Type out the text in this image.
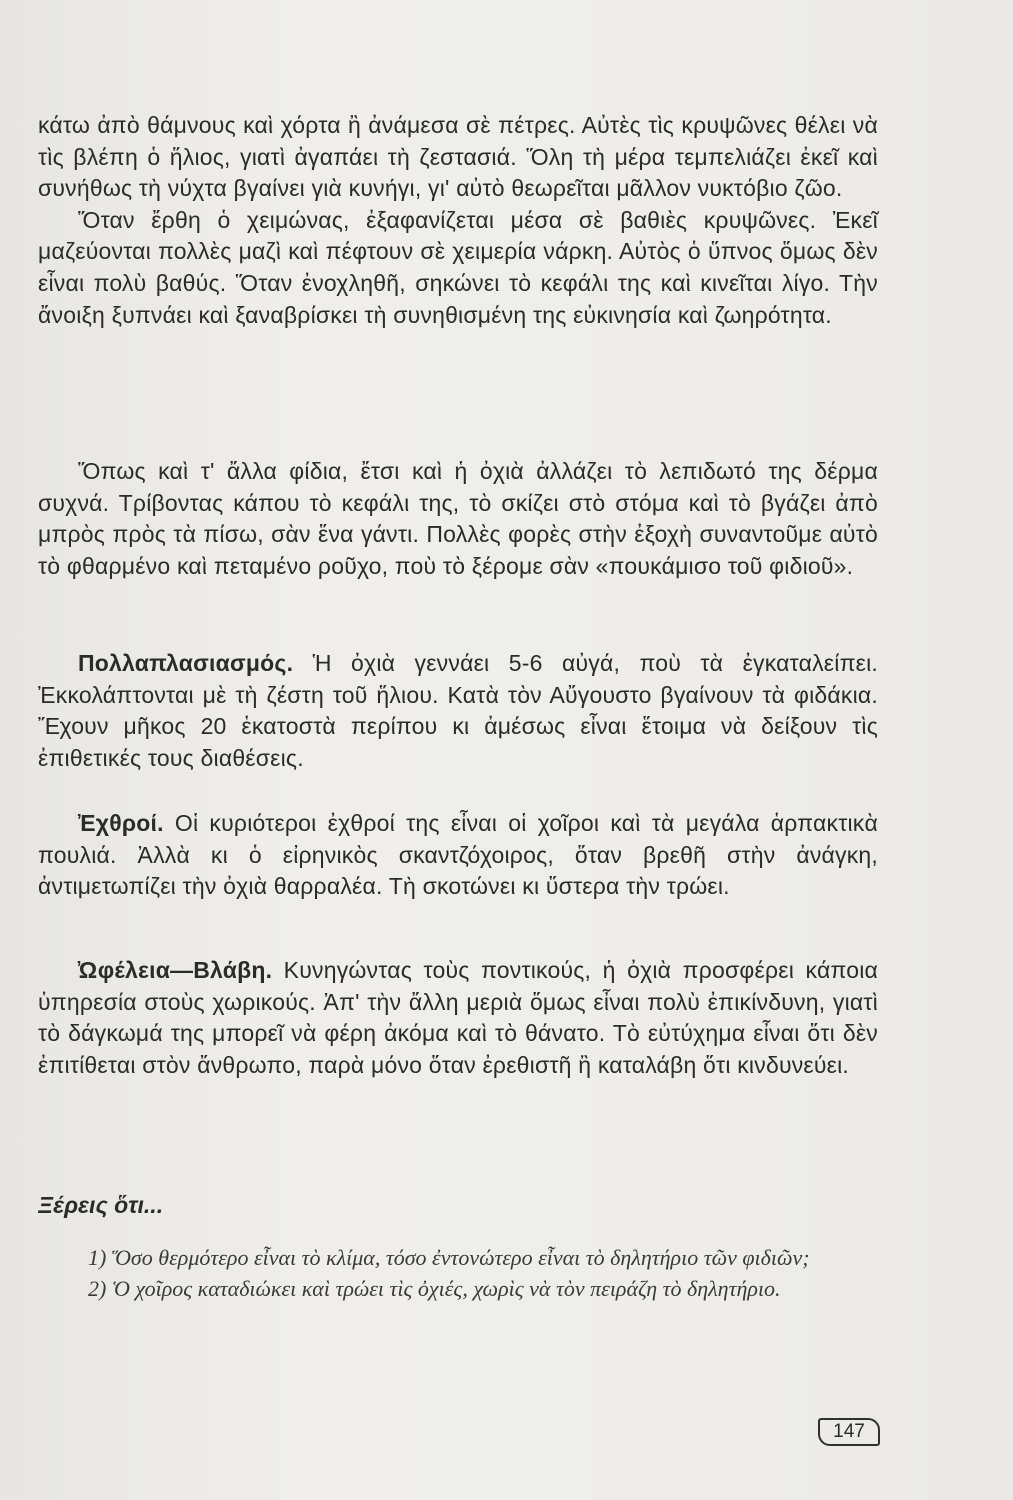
κάτω ἀπὸ θάμνους καὶ χόρτα ἢ ἀνάμεσα σὲ πέτρες. Αὐτὲς τὶς κρυψῶνες θέλει νὰ τὶς βλέπη ὁ ἥλιος, γιατὶ ἀγαπάει τὴ ζεστασιά. Ὅλη τὴ μέρα τεμπελιάζει ἐκεῖ καὶ συνήθως τὴ νύχτα βγαίνει γιὰ κυνήγι, γι' αὐτὸ θεωρεῖται μᾶλλον νυκτόβιο ζῶο.

Ὅταν ἔρθη ὁ χειμώνας, ἐξαφανίζεται μέσα σὲ βαθιὲς κρυψῶνες. Ἐκεῖ μαζεύονται πολλὲς μαζὶ καὶ πέφτουν σὲ χειμερία νάρκη. Αὐτὸς ὁ ὕπνος ὅμως δὲν εἶναι πολὺ βαθύς. Ὅταν ἐνοχληθῆ, σηκώνει τὸ κεφάλι της καὶ κινεῖται λίγο. Τὴν ἄνοιξη ξυπνάει καὶ ξαναβρίσκει τὴ συνηθισμένη της εὐκινησία καὶ ζωηρότητα.

Ὅπως καὶ τ' ἄλλα φίδια, ἔτσι καὶ ἡ ὀχιὰ ἀλλάζει τὸ λεπιδωτό της δέρμα συχνά. Τρίβοντας κάπου τὸ κεφάλι της, τὸ σκίζει στὸ στόμα καὶ τὸ βγάζει ἀπὸ μπρὸς πρὸς τὰ πίσω, σὰν ἕνα γάντι. Πολλὲς φορὲς στὴν ἐξοχὴ συναντοῦμε αὐτὸ τὸ φθαρμένο καὶ πεταμένο ροῦχο, ποὺ τὸ ξέρομε σὰν «πουκάμισο τοῦ φιδιοῦ».

Πολλαπλασιασμός. Ἡ ὀχιὰ γεννάει 5-6 αὐγά, ποὺ τὰ ἐγκαταλείπει. Ἐκκολάπτονται μὲ τὴ ζέστη τοῦ ἥλιου. Κατὰ τὸν Αὔγουστο βγαίνουν τὰ φιδάκια. Ἔχουν μῆκος 20 ἑκατοστὰ περίπου κι ἀμέσως εἶναι ἕτοιμα νὰ δείξουν τὶς ἐπιθετικές τους διαθέσεις.

Ἐχθροί. Οἱ κυριότεροι ἐχθροί της εἶναι οἱ χοῖροι καὶ τὰ μεγάλα ἁρπακτικὰ πουλιά. Ἀλλὰ κι ὁ εἰρηνικὸς σκαντζόχοιρος, ὅταν βρεθῆ στὴν ἀνάγκη, ἀντιμετωπίζει τὴν ὀχιὰ θαρραλέα. Τὴ σκοτώνει κι ὕστερα τὴν τρώει.

Ὠφέλεια—Βλάβη. Κυνηγώντας τοὺς ποντικούς, ἡ ὀχιὰ προσφέρει κάποια ὑπηρεσία στοὺς χωρικούς. Ἀπ' τὴν ἄλλη μεριὰ ὅμως εἶναι πολὺ ἐπικίνδυνη, γιατὶ τὸ δάγκωμά της μπορεῖ νὰ φέρη ἀκόμα καὶ τὸ θάνατο. Τὸ εὐτύχημα εἶναι ὅτι δὲν ἐπιτίθεται στὸν ἄνθρωπο, παρὰ μόνο ὅταν ἐρεθιστῆ ἢ καταλάβη ὅτι κινδυνεύει.

Ξέρεις ὅτι...

1) Ὅσο θερμότερο εἶναι τὸ κλίμα, τόσο ἐντονώτερο εἶναι τὸ δηλητήριο τῶν φιδιῶν;

2) Ὁ χοῖρος καταδιώκει καὶ τρώει τὶς ὀχιές, χωρὶς νὰ τὸν πειράζη τὸ δηλητήριο.

147
